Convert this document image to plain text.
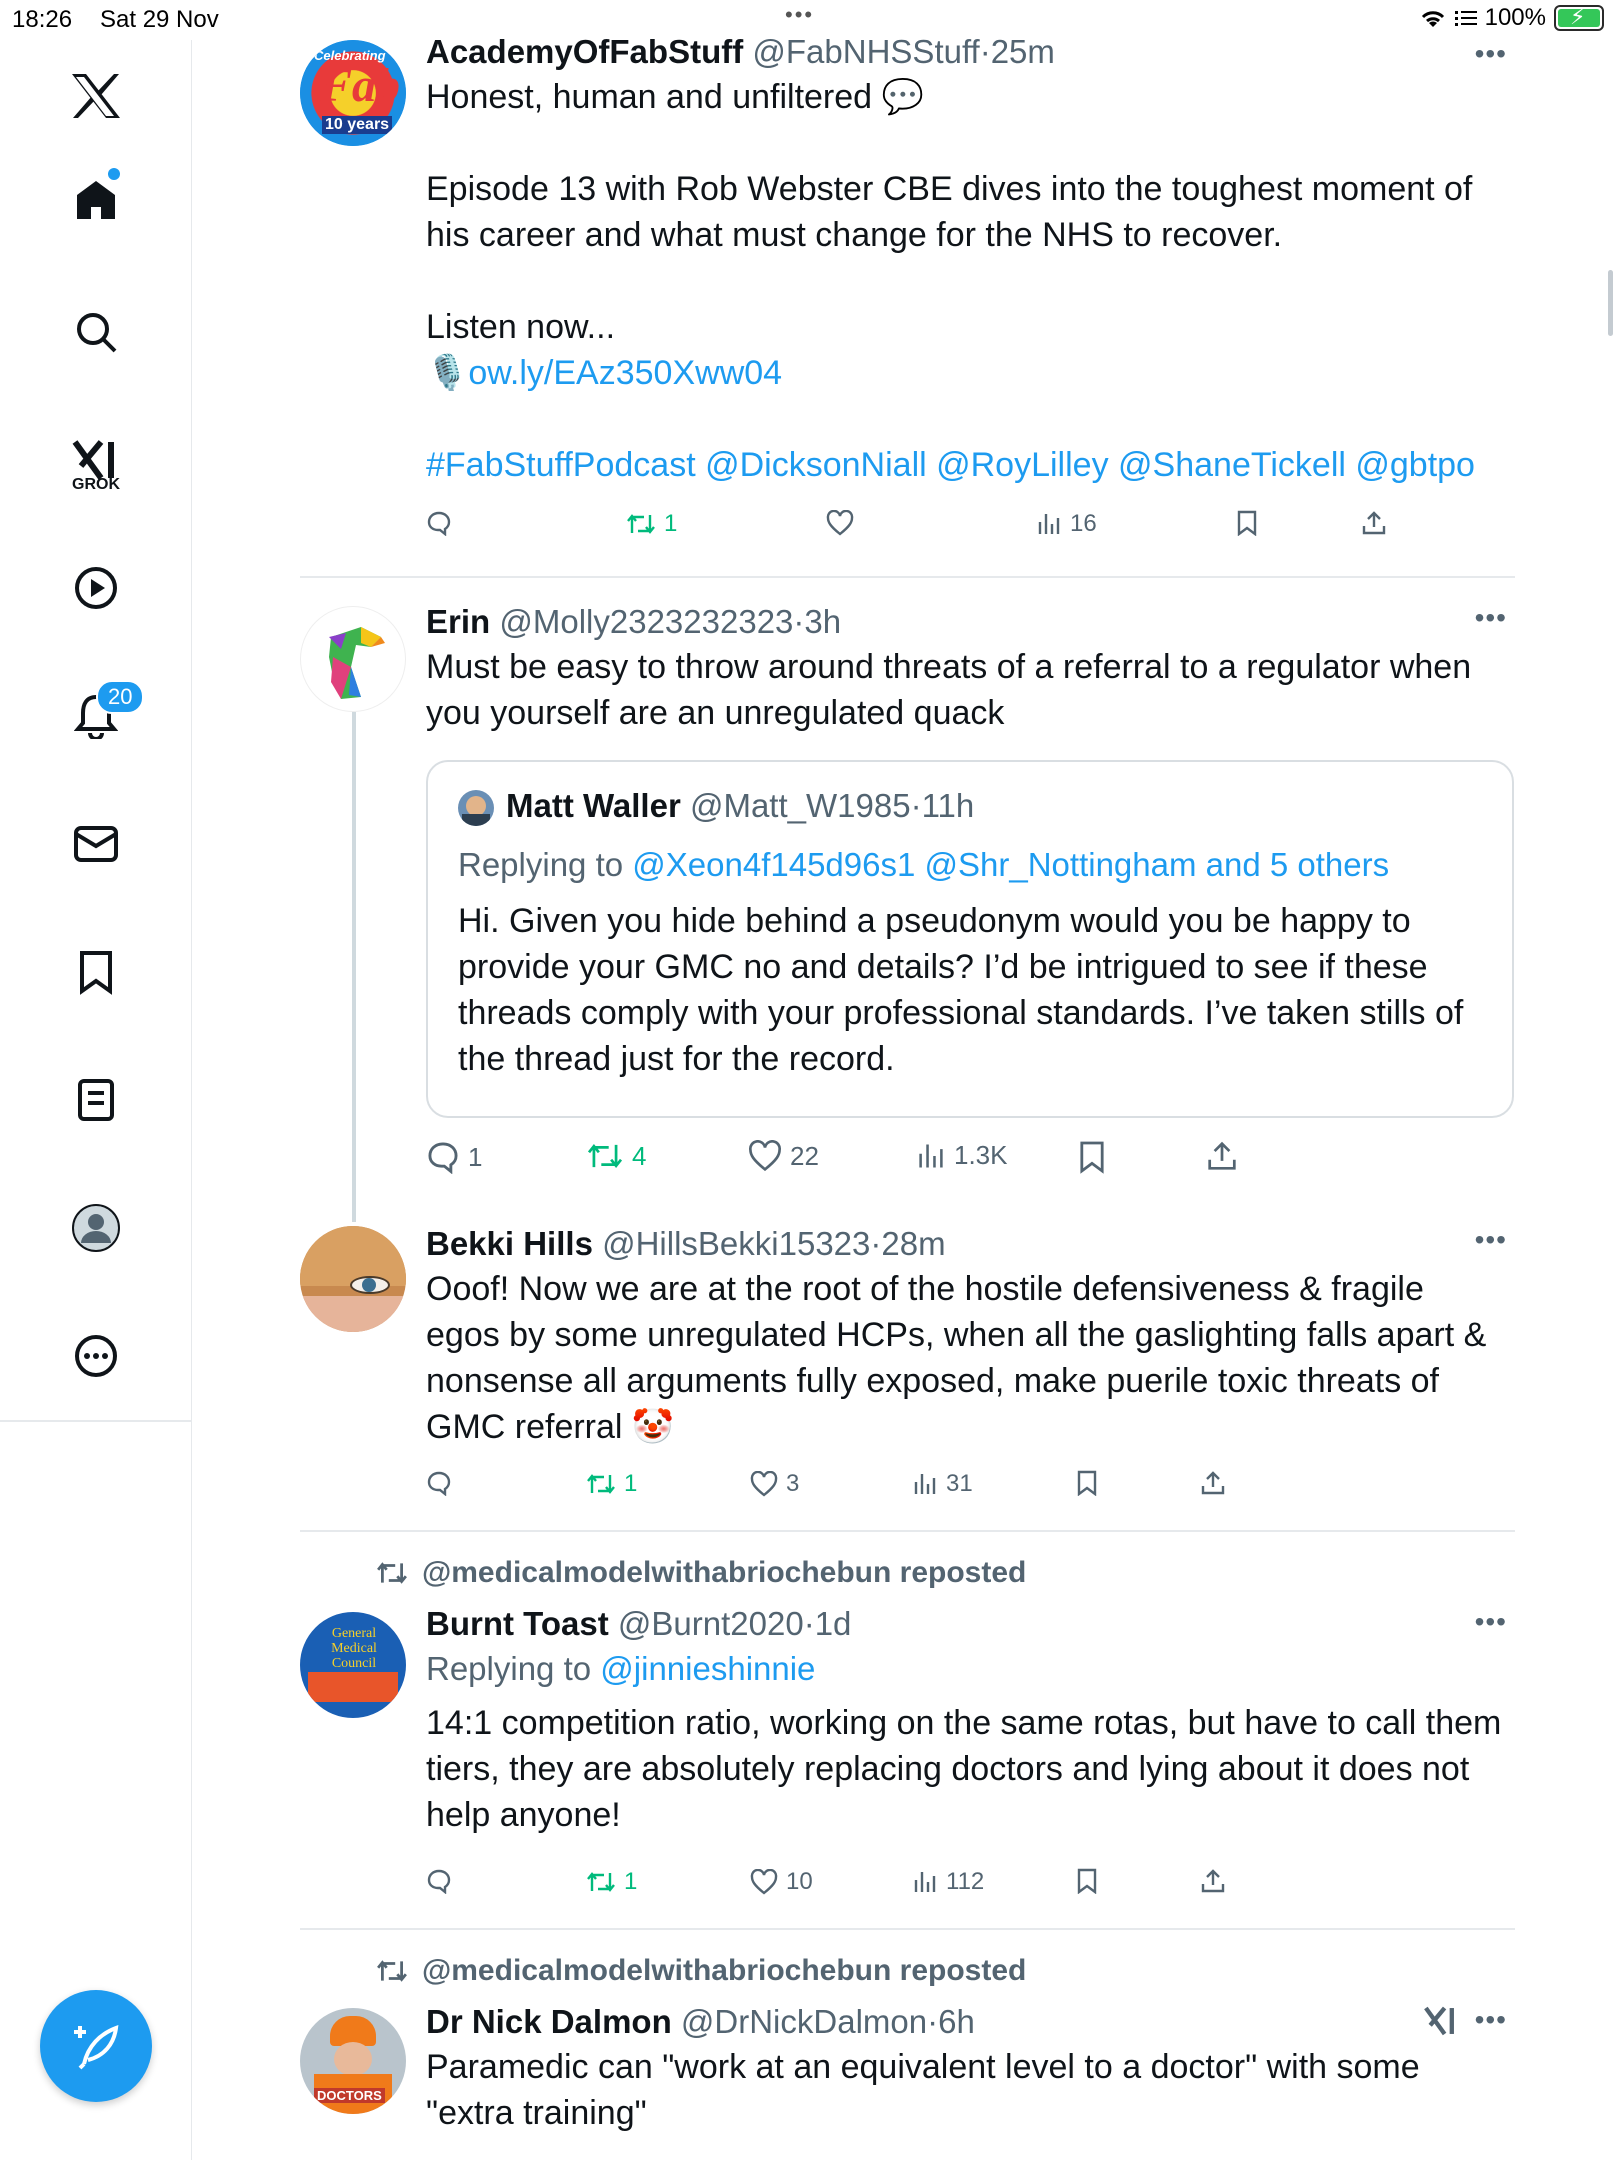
18:26 Sat 29 Nov	•••	100% ⚡
GROK
20
Celebrating
Fab
10 years
AcademyOfFabStuff @FabNHSStuff·25m
Honest, human and unfiltered 💬
Episode 13 with Rob Webster CBE dives into the toughest moment of
his career and what must change for the NHS to recover.
Listen now...
🎙️ow.ly/EAz350Xww04
#FabStuffPodcast @DicksonNiall @RoyLilley @ShaneTickell @gbtpo
•••
1	16
Erin @Molly2323232323·3h
Must be easy to throw around threats of a referral to a regulator when
you yourself are an unregulated quack
•••
Matt Waller @Matt_W1985·11h
Replying to @Xeon4f145d96s1 @Shr_Nottingham and 5 others
Hi. Given you hide behind a pseudonym would you be happy to
provide your GMC no and details? I’d be intrigued to see if these
threads comply with your professional standards. I’ve taken stills of
the thread just for the record.
1	4	22	1.3K
Bekki Hills @HillsBekki15323·28m
Ooof! Now we are at the root of the hostile defensiveness & fragile
egos by some unregulated HCPs, when all the gaslighting falls apart &
nonsense all arguments fully exposed, make puerile toxic threats of
GMC referral 🤡
•••
1	3	31
@medicalmodelwithabriochebun reposted
General Medical Council
Burnt Toast @Burnt2020·1d
Replying to @jinnieshinnie
14:1 competition ratio, working on the same rotas, but have to call them
tiers, they are absolutely replacing doctors and lying about it does not
help anyone!
•••
1	10	112
@medicalmodelwithabriochebun reposted
DOCTORS
Dr Nick Dalmon @DrNickDalmon·6h
Paramedic can "work at an equivalent level to a doctor" with some
"extra training"
•••
